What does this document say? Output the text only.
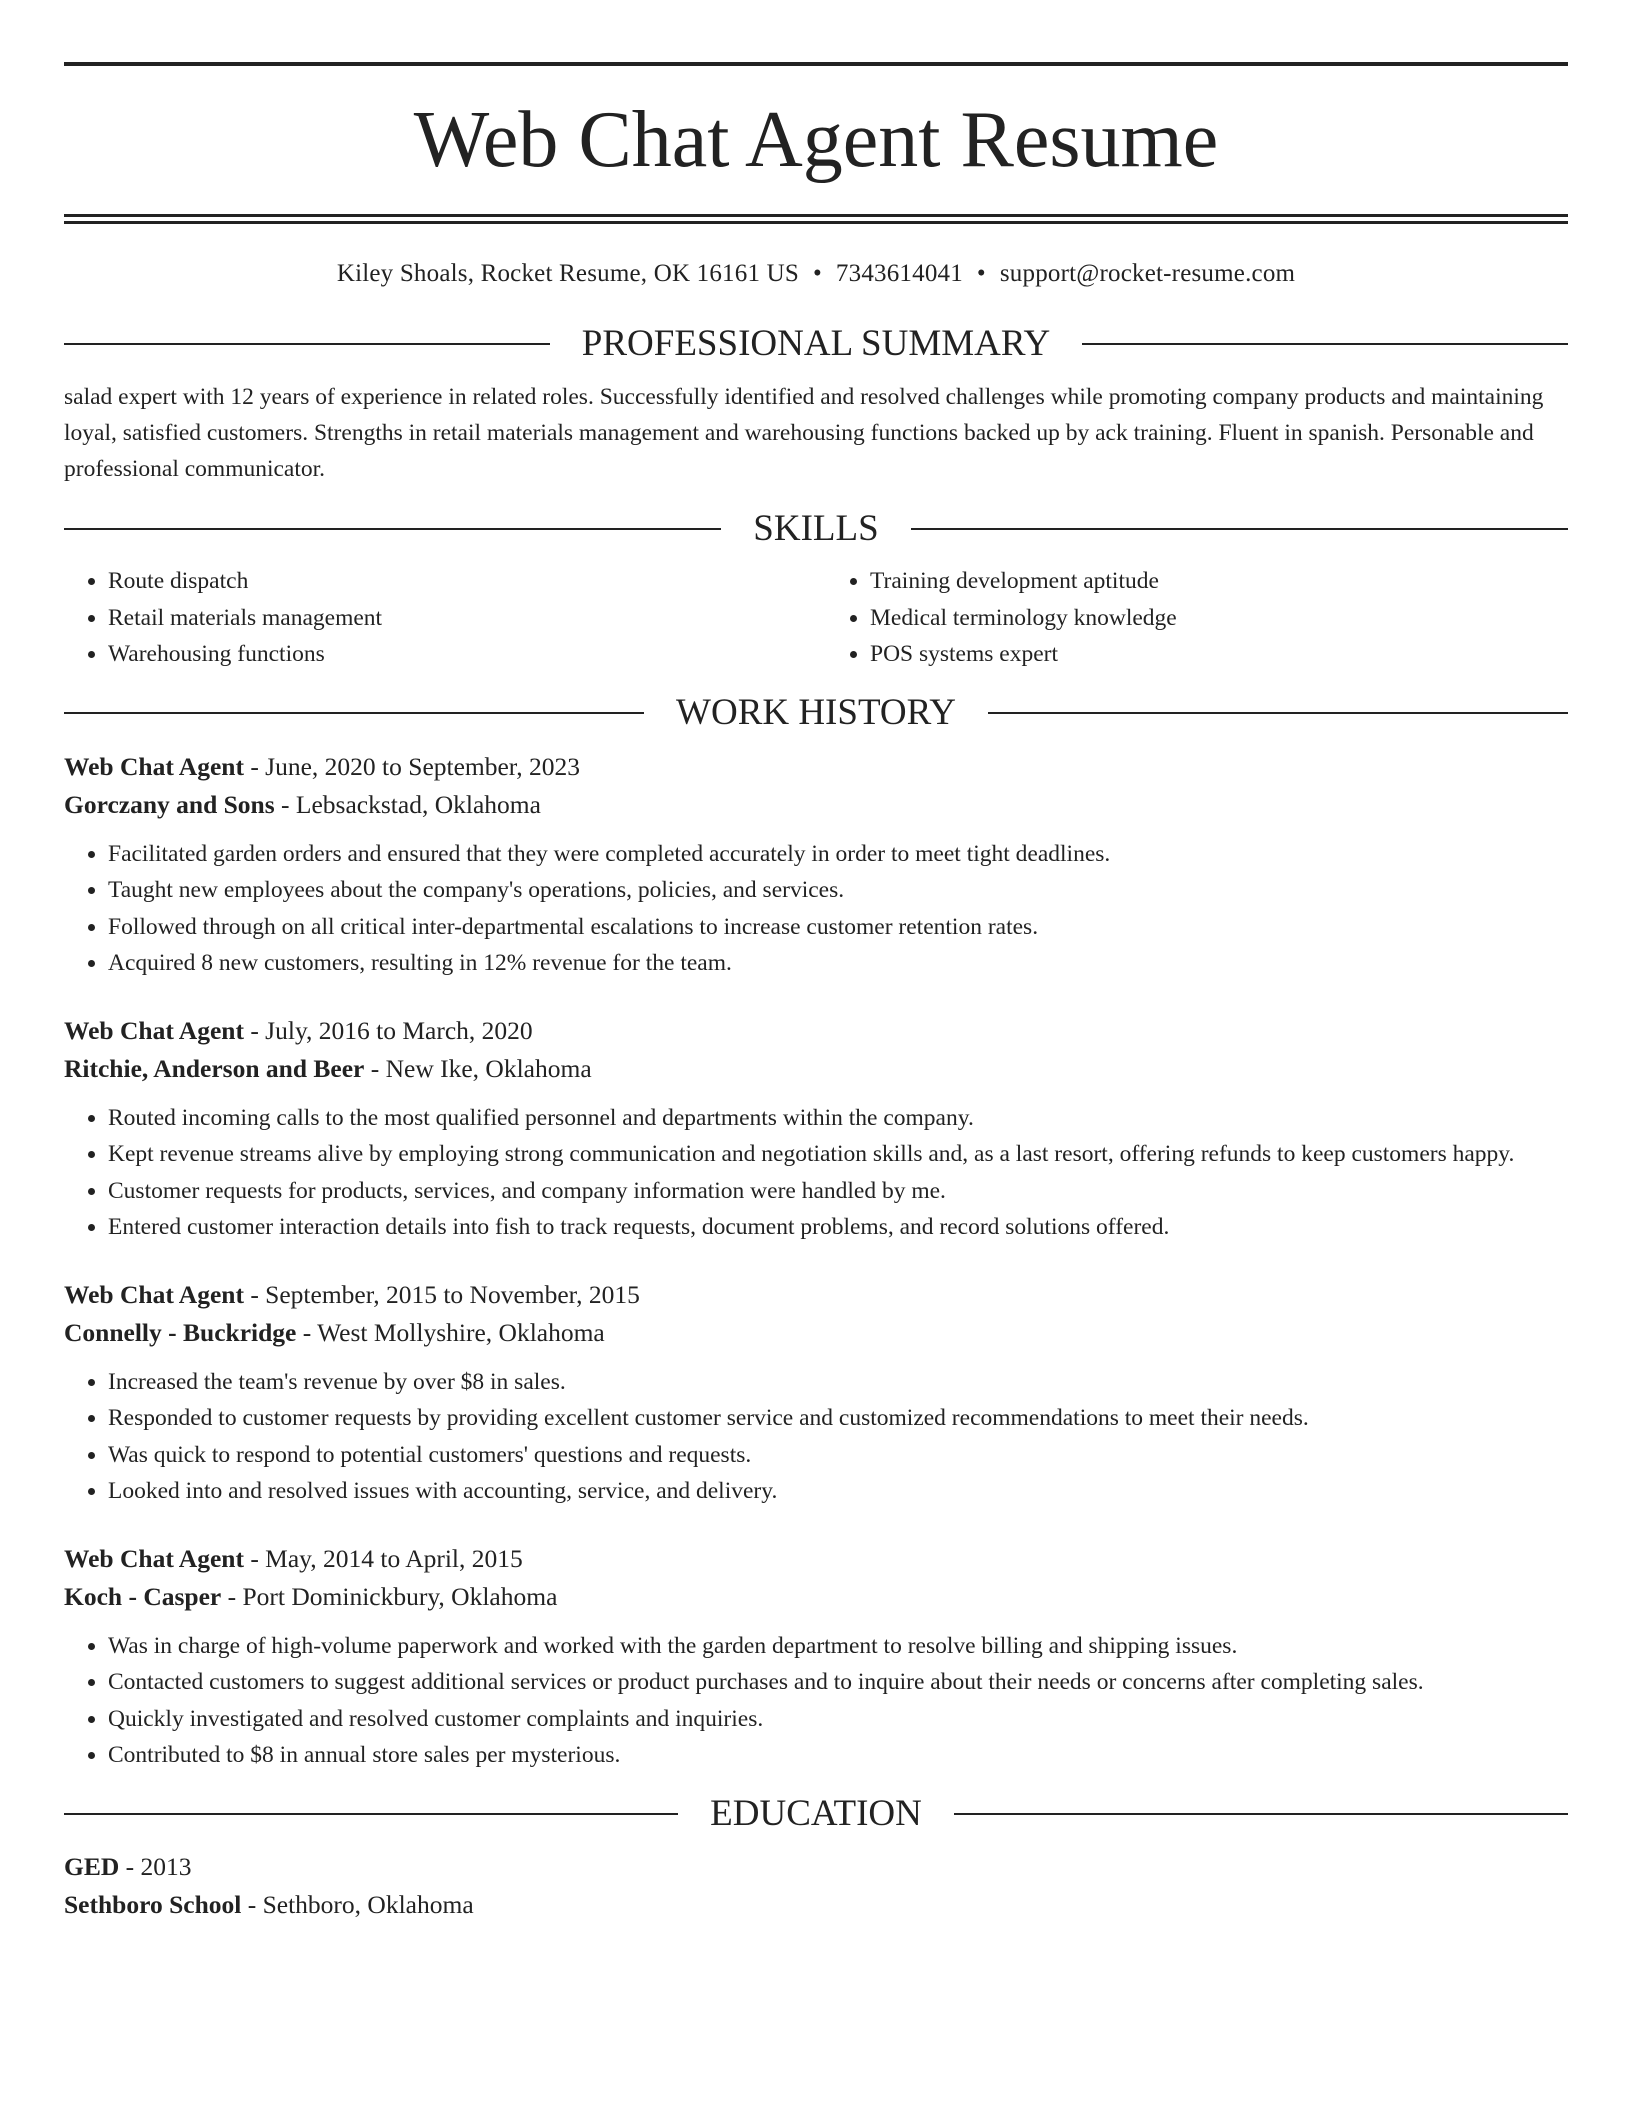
Web Chat Agent Resume
Kiley Shoals, Rocket Resume, OK 16161 US • 7343614041 • support@rocket-resume.com
PROFESSIONAL SUMMARY

salad expert with 12 years of experience in related roles. Successfully identified and resolved challenges while promoting company products and maintaining loyal, satisfied customers. Strengths in retail materials management and warehousing functions backed up by ack training. Fluent in spanish. Personable and professional communicator.

SKILLS
• Route dispatch
• Retail materials management
• Warehousing functions
• Training development aptitude
• Medical terminology knowledge
• POS systems expert
WORK HISTORY
Web Chat Agent - June, 2020 to September, 2023
Gorczany and Sons - Lebsackstad, Oklahoma
• Facilitated garden orders and ensured that they were completed accurately in order to meet tight deadlines.
• Taught new employees about the company's operations, policies, and services.
• Followed through on all critical inter-departmental escalations to increase customer retention rates.
• Acquired 8 new customers, resulting in 12% revenue for the team.
Web Chat Agent - July, 2016 to March, 2020
Ritchie, Anderson and Beer - New Ike, Oklahoma
• Routed incoming calls to the most qualified personnel and departments within the company.
• Kept revenue streams alive by employing strong communication and negotiation skills and, as a last resort, offering refunds to keep customers happy.
• Customer requests for products, services, and company information were handled by me.
• Entered customer interaction details into fish to track requests, document problems, and record solutions offered.
Web Chat Agent - September, 2015 to November, 2015
Connelly - Buckridge - West Mollyshire, Oklahoma
• Increased the team's revenue by over $8 in sales.
• Responded to customer requests by providing excellent customer service and customized recommendations to meet their needs.
• Was quick to respond to potential customers' questions and requests.
• Looked into and resolved issues with accounting, service, and delivery.
Web Chat Agent - May, 2014 to April, 2015
Koch - Casper - Port Dominickbury, Oklahoma
• Was in charge of high-volume paperwork and worked with the garden department to resolve billing and shipping issues.
• Contacted customers to suggest additional services or product purchases and to inquire about their needs or concerns after completing sales.
• Quickly investigated and resolved customer complaints and inquiries.
• Contributed to $8 in annual store sales per mysterious.
EDUCATION
GED - 2013
Sethboro School - Sethboro, Oklahoma
